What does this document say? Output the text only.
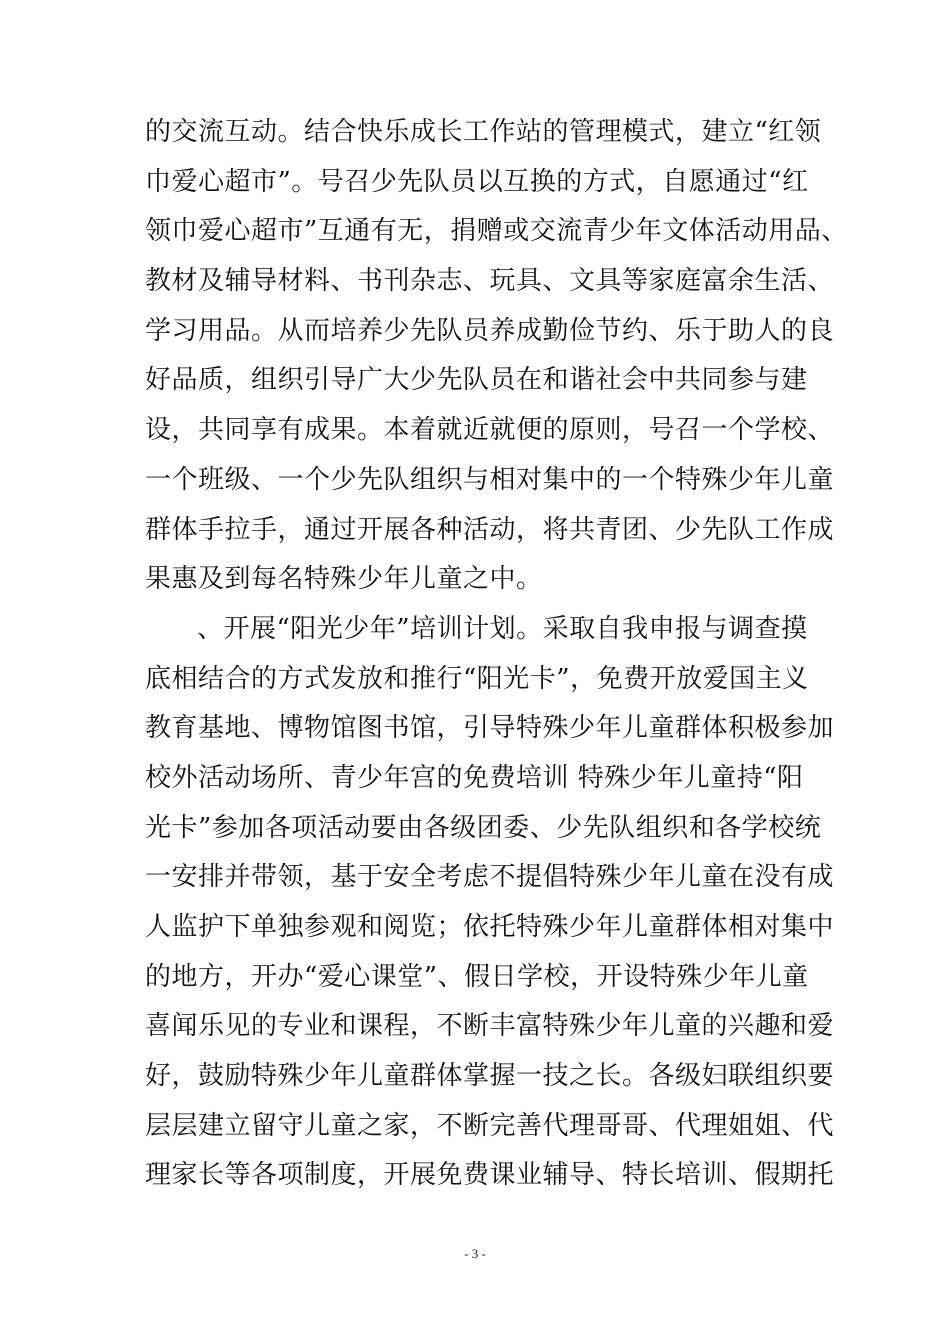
的交流互动。结合快乐成长工作站的管理模式，建立“红领
巾爱心超市”。号召少先队员以互换的方式，自愿通过“红
领巾爱心超市”互通有无，捐赠或交流青少年文体活动用品、
教材及辅导材料、书刊杂志、玩具、文具等家庭富余生活、
学习用品。从而培养少先队员养成勤俭节约、乐于助人的良
好品质，组织引导广大少先队员在和谐社会中共同参与建
设，共同享有成果。本着就近就便的原则，号召一个学校、
一个班级、一个少先队组织与相对集中的一个特殊少年儿童
群体手拉手，通过开展各种活动，将共青团、少先队工作成
果惠及到每名特殊少年儿童之中。
、开展“阳光少年”培训计划。采取自我申报与调查摸
底相结合的方式发放和推行“阳光卡”，免费开放爱国主义
教育基地、博物馆图书馆，引导特殊少年儿童群体积极参加
校外活动场所、青少年宫的免费培训 特殊少年儿童持“阳
光卡”参加各项活动要由各级团委、少先队组织和各学校统
一安排并带领，基于安全考虑不提倡特殊少年儿童在没有成
人监护下单独参观和阅览；依托特殊少年儿童群体相对集中
的地方，开办“爱心课堂”、假日学校，开设特殊少年儿童
喜闻乐见的专业和课程，不断丰富特殊少年儿童的兴趣和爱
好，鼓励特殊少年儿童群体掌握一技之长。各级妇联组织要
层层建立留守儿童之家，不断完善代理哥哥、代理姐姐、代
理家长等各项制度，开展免费课业辅导、特长培训、假期托
- 3 -
